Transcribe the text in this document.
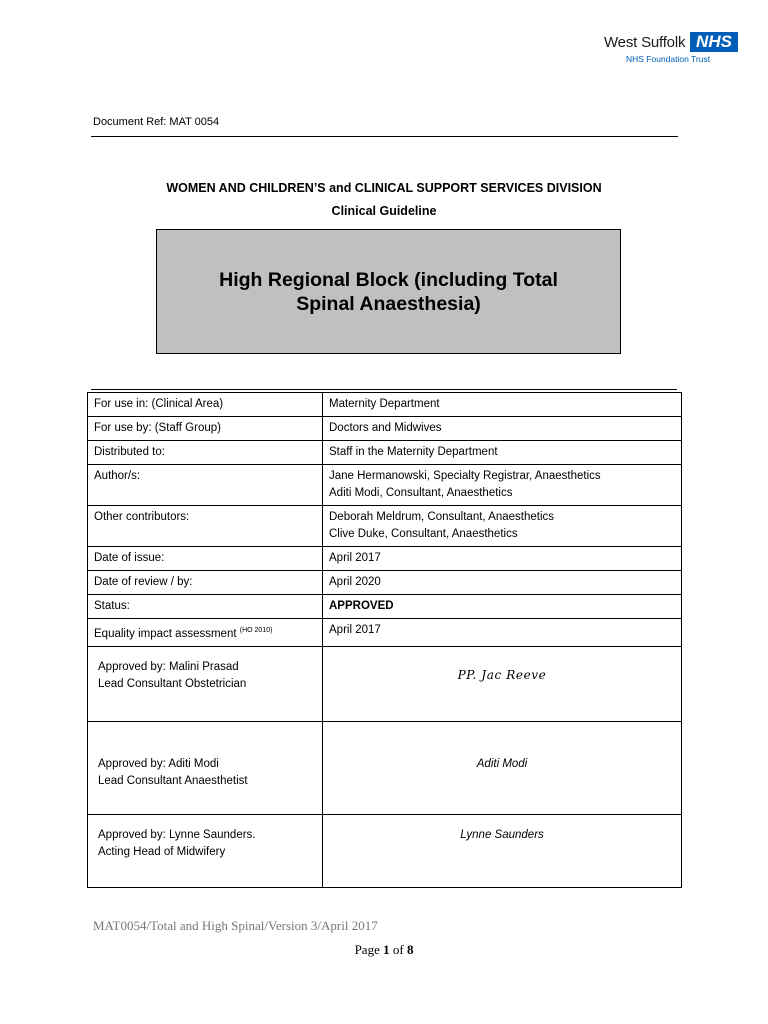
West Suffolk NHS
NHS Foundation Trust
Document Ref: MAT 0054
WOMEN AND CHILDREN’S and CLINICAL SUPPORT SERVICES DIVISION
Clinical Guideline
High Regional Block (including Total Spinal Anaesthesia)
For use in: (Clinical Area)	Maternity Department
For use by: (Staff Group)	Doctors and Midwives
Distributed to:	Staff in the Maternity Department
Author/s:	Jane Hermanowski, Specialty Registrar, Anaesthetics
Aditi Modi, Consultant, Anaesthetics

Other contributors:	Deborah Meldrum, Consultant, Anaesthetics
Clive Duke, Consultant, Anaesthetics

Date of issue:	April 2017
Date of review / by:	April 2020
Status:	APPROVED
Equality impact assessment $^{(HO 2010)}$	April 2017

Approved by: Malini Prasad
Lead Consultant Obstetrician	PP. Jac Reeve

Approved by: Aditi Modi
Lead Consultant Anaesthetist	Aditi Modi

Approved by: Lynne Saunders.
Acting Head of Midwifery	Lynne Saunders
MAT0054/Total and High Spinal/Version 3/April 2017
Page 1 of 8
